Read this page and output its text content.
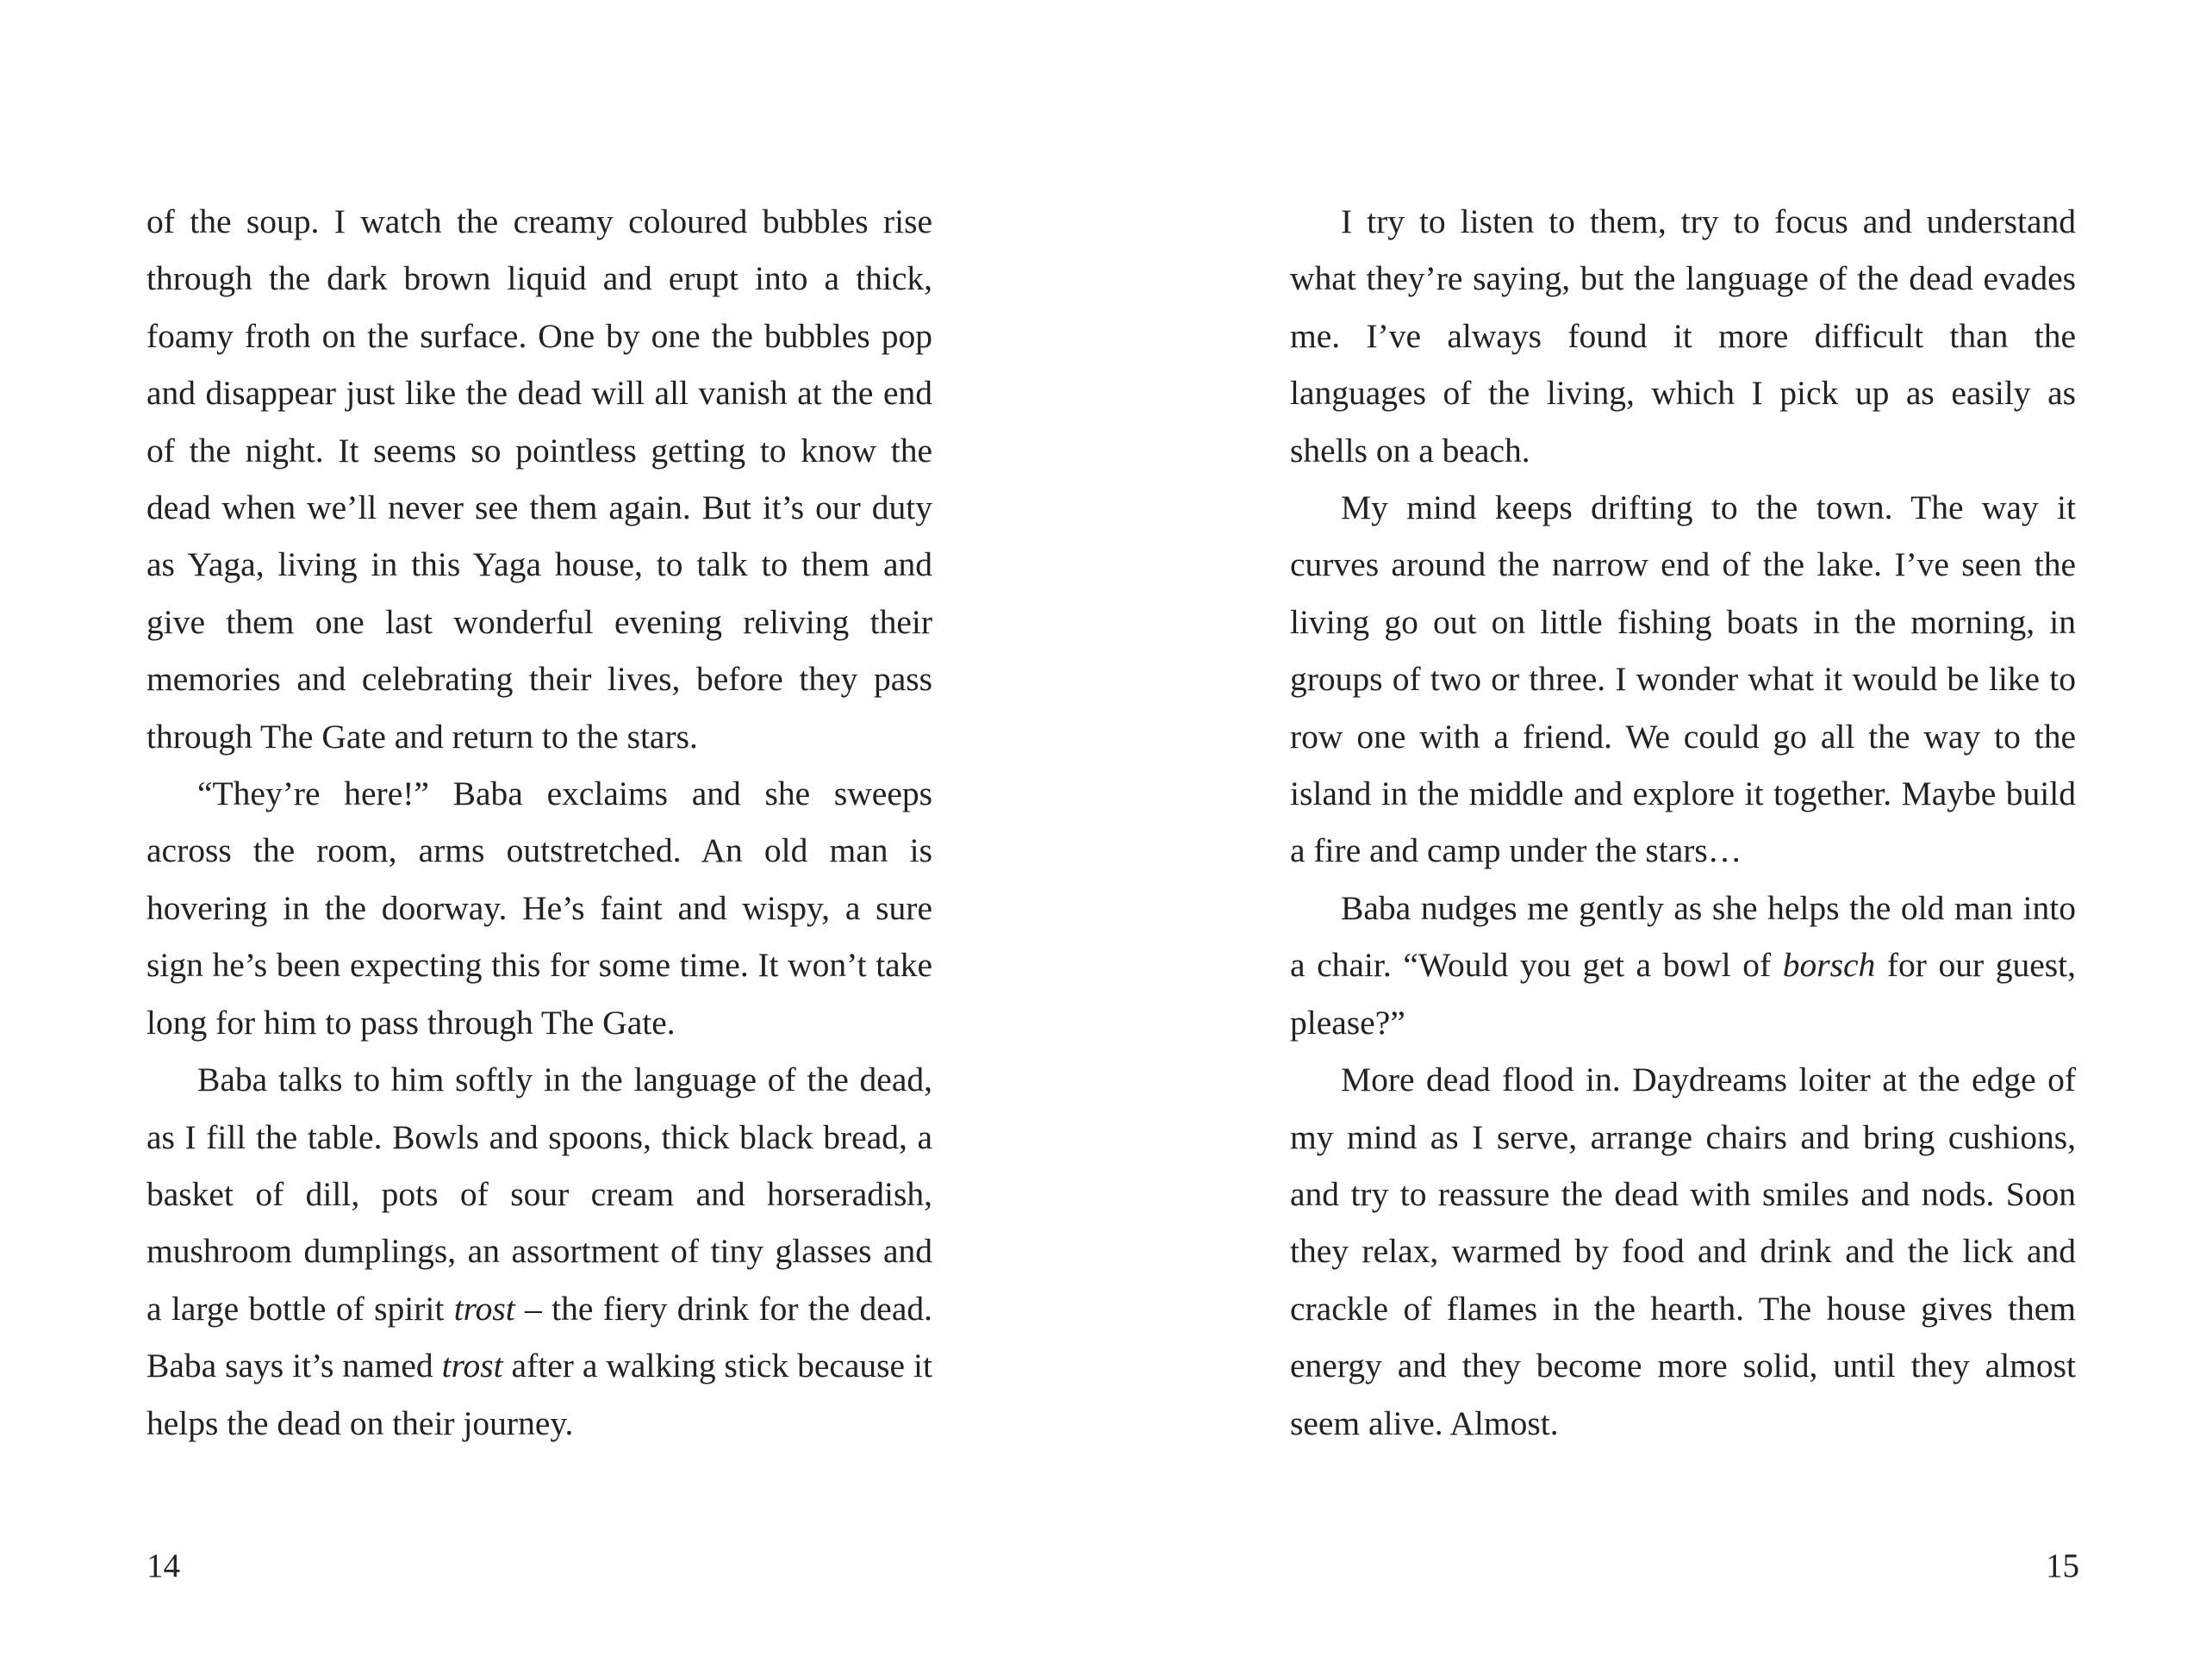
of the soup. I watch the creamy coloured bubbles rise through the dark brown liquid and erupt into a thick, foamy froth on the surface. One by one the bubbles pop and disappear just like the dead will all vanish at the end of the night. It seems so pointless getting to know the dead when we’ll never see them again. But it’s our duty as Yaga, living in this Yaga house, to talk to them and give them one last wonderful evening reliving their memories and celebrating their lives, before they pass through The Gate and return to the stars.

“They’re here!” Baba exclaims and she sweeps across the room, arms outstretched. An old man is hovering in the doorway. He’s faint and wispy, a sure sign he’s been expecting this for some time. It won’t take long for him to pass through The Gate.

Baba talks to him softly in the language of the dead, as I fill the table. Bowls and spoons, thick black bread, a basket of dill, pots of sour cream and horseradish, mushroom dumplings, an assortment of tiny glasses and a large bottle of spirit trost – the fiery drink for the dead. Baba says it’s named trost after a walking stick because it helps the dead on their journey.

I try to listen to them, try to focus and understand what they’re saying, but the language of the dead evades me. I’ve always found it more difficult than the languages of the living, which I pick up as easily as shells on a beach.

My mind keeps drifting to the town. The way it curves around the narrow end of the lake. I’ve seen the living go out on little fishing boats in the morning, in groups of two or three. I wonder what it would be like to row one with a friend. We could go all the way to the island in the middle and explore it together. Maybe build a fire and camp under the stars…

Baba nudges me gently as she helps the old man into a chair. “Would you get a bowl of borsch for our guest, please?”

More dead flood in. Daydreams loiter at the edge of my mind as I serve, arrange chairs and bring cushions, and try to reassure the dead with smiles and nods. Soon they relax, warmed by food and drink and the lick and crackle of flames in the hearth. The house gives them energy and they become more solid, until they almost seem alive. Almost.

14	15
